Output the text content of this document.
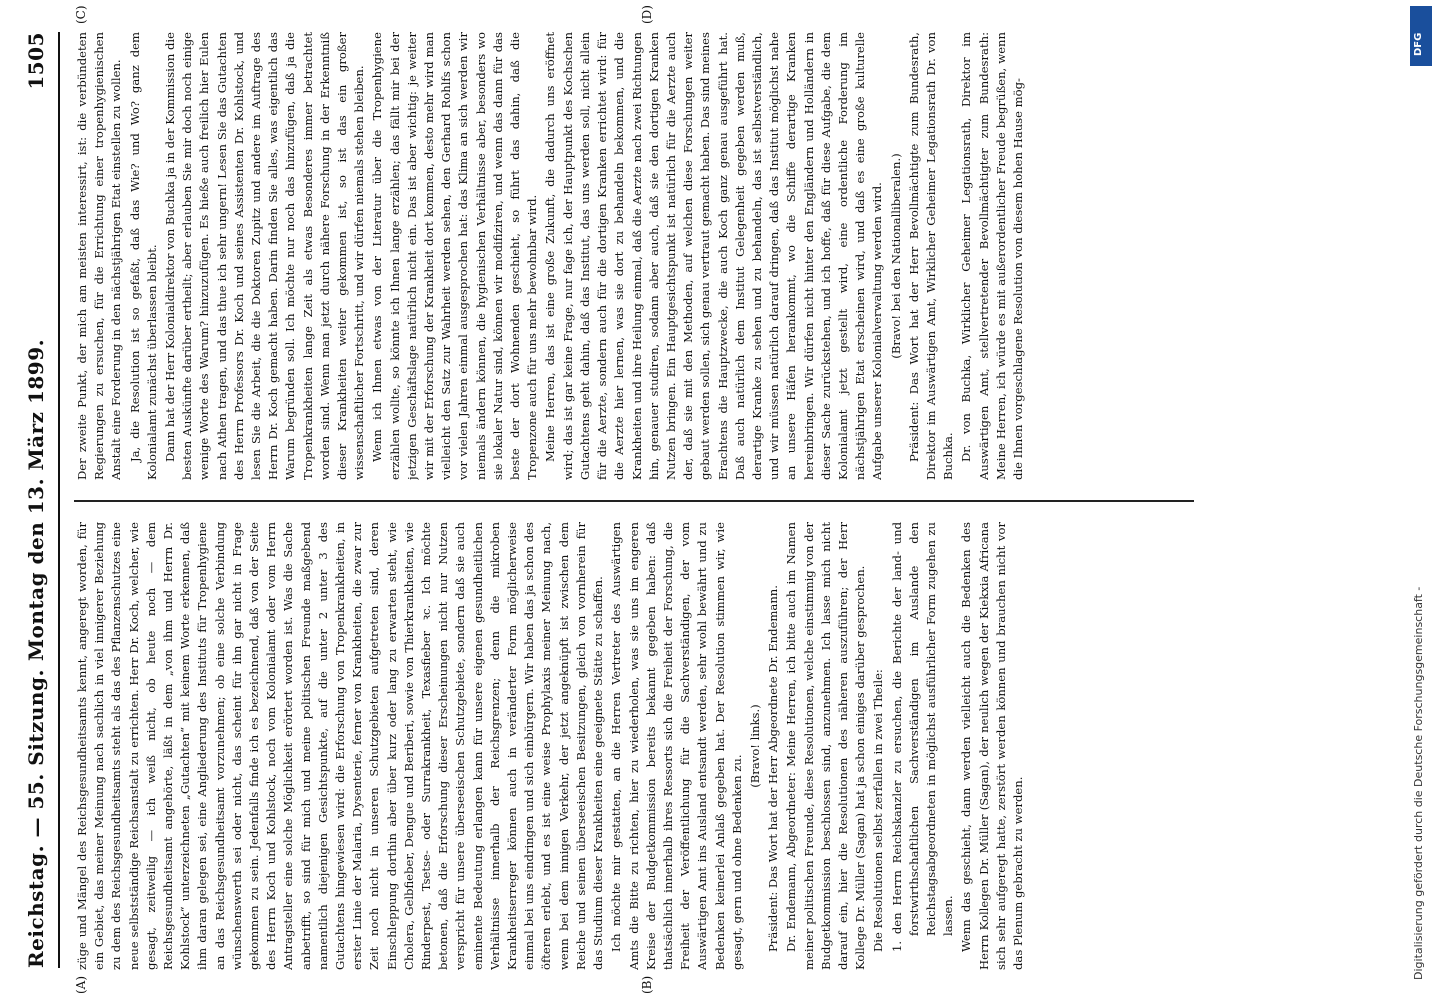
Reichstag. — 55. Sitzung.
Montag den 13. März 1899.
1505
(A)	(B)
(C)	(D)

züge und Mängel des Reichsgesundheitsamts kennt, angeregt worden, für ein Gebiet, das meiner Meinung nach sachlich in viel innigerer Beziehung zu dem des Reichsgesundheitsamts steht als das des Pflanzenschutzes eine neue selbstständige Reichsanstalt zu errichten. Herr Dr. Koch, welcher, wie gesagt, zeitweilig — ich weiß nicht, ob heute noch — dem Reichsgesundheitsamt angehörte, läßt in dem „von ihm und Herrn Dr. Kohlstock“ unterzeichneten „Gutachten“ mit keinem Worte erkennen, daß ihm daran gelegen sei, eine Angliederung des Instituts für Tropenhygiene an das Reichsgesundheitsamt vorzunehmen; ob eine solche Verbindung wünschenswerth sei oder nicht, das scheint für ihn gar nicht in Frage gekommen zu sein. Jedenfalls finde ich es bezeichnend, daß von der Seite des Herrn Koch und Kohlstock, noch vom Kolonialamt oder vom Herrn Antragsteller eine solche Möglichkeit erörtert worden ist. Was die Sache anbetrifft, so sind für mich und meine politischen Freunde maßgebend namentlich diejenigen Gesichtspunkte, auf die unter 2 unter 3 des Gutachtens hingewiesen wird: die Erforschung von Tropenkrankheiten, in erster Linie der Malaria, Dysenterie, ferner von Krankheiten, die zwar zur Zeit noch nicht in unseren Schutzgebieten aufgetreten sind, deren Einschleppung dorthin aber über kurz oder lang zu erwarten steht, wie Cholera, Gelbfieber, Dengue und Beriberi, sowie von Thierkrankheiten, wie Rinderpest, Tsetse- oder Surrakrankheit, Texasfieber ꝛc. Ich möchte betonen, daß die Erforschung dieser Erscheinungen nicht nur Nutzen verspricht für unsere überseeischen Schutzgebiete, sondern daß sie auch eminente Bedeutung erlangen kann für unsere eigenen gesundheitlichen Verhältnisse innerhalb der Reichsgrenzen; denn die mikroben Krankheitserreger können auch in veränderter Form möglicherweise einmal bei uns eindringen und sich einbürgern. Wir haben das ja schon des öfteren erlebt, und es ist eine weise Prophylaxis meiner Meinung nach, wenn bei dem innigen Verkehr, der jetzt angeknüpft ist zwischen dem Reiche und seinen überseeischen Besitzungen, gleich von vornherein für das Studium dieser Krankheiten eine geeignete Stätte zu schaffen. Ich möchte mir gestatten, an die Herren Vertreter des Auswärtigen Amts die Bitte zu richten, hier zu wiederholen, was sie uns im engeren Kreise der Budgetkommission bereits bekannt gegeben haben: daß thatsächlich innerhalb ihres Ressorts sich die Freiheit der Forschung, die Freiheit der Veröffentlichung für die Sachverständigen, der vom Auswärtigen Amt ins Ausland entsandt werden, sehr wohl bewährt und zu Bedenken keinerlei Anlaß gegeben hat. Der Resolution stimmen wir, wie gesagt, gern und ohne Bedenken zu.

(Bravo! links.) Präsident: Das Wort hat der Herr Abgeordnete Dr. Endemann. Dr. Endemann, Abgeordneter: Meine Herren, ich bitte auch im Namen meiner politischen Freunde, diese Resolutionen, welche einstimmig von der Budgetkommission beschlossen sind, anzunehmen. Ich lasse mich nicht darauf ein, hier die Resolutionen des näheren auszuführen; der Herr Kollege Dr. Müller (Sagan) hat ja schon einiges darüber gesprochen. Die Resolutionen selbst zerfallen in zwei Theile: 1. den Herrn Reichskanzler zu ersuchen, die Berichte der land- und forstwirthschaftlichen Sachverständigen im Auslande den Reichstagsabgeordneten in möglichst ausführlicher Form zugehen zu lassen. Wenn das geschieht, dann werden vielleicht auch die Bedenken des Herrn Kollegen Dr. Müller (Sagan), der neulich wegen der Kiekxia Africana sich sehr aufgeregt hatte, zerstört werden können und brauchen nicht vor das Plenum gebracht zu werden.

Der zweite Punkt, der mich am meisten interessirt, ist: die verbündeten Regierungen zu ersuchen, für die Errichtung einer tropenhygienischen Anstalt eine Forderung in den nächstjährigen Etat einstellen zu wollen. Ja, die Resolution ist so gefaßt, daß das Wie? und Wo? ganz dem Kolonialamt zunächst überlassen bleibt. Dann hat der Herr Kolonialdirektor von Buchka ja in der Kommission die besten Auskünfte darüber ertheilt; aber erlauben Sie mir doch noch einige wenige Worte des Warum? hinzuzufügen. Es hieße auch freilich hier Eulen nach Athen tragen, und das thue ich sehr ungern! Lesen Sie das Gutachten des Herrn Professors Dr. Koch und seines Assistenten Dr. Kohlstock, und lesen Sie die Arbeit, die die Doktoren Zupitz und andere im Auftrage des Herrn Dr. Koch gemacht haben. Darin finden Sie alles, was eigentlich das Warum begründen soll. Ich möchte nur noch das hinzufügen, daß ja die Tropenkrankheiten lange Zeit als etwas Besonderes immer betrachtet worden sind. Wenn man jetzt durch nähere Forschung in der Erkenntniß dieser Krankheiten weiter gekommen ist, so ist das ein großer wissenschaftlicher Fortschritt, und wir dürfen niemals stehen bleiben. Wenn ich Ihnen etwas von der Literatur über die Tropenhygiene erzählen wollte, so könnte ich Ihnen lange erzählen; das fällt mir bei der jetzigen Geschäftslage natürlich nicht ein. Das ist aber wichtig: je weiter wir mit der Erforschung der Krankheit dort kommen, desto mehr wird man vielleicht den Satz zur Wahrheit werden sehen, den Gerhard Rohlfs schon vor vielen Jahren einmal ausgesprochen hat: das Klima an sich werden wir niemals ändern können, die hygienischen Verhältnisse aber, besonders wo sie lokaler Natur sind, können wir modifiziren, und wenn das dann für das beste der dort Wohnenden geschieht, so führt das dahin, daß die Tropenzone auch für uns mehr bewohnbar wird. Meine Herren, das ist eine große Zukunft, die dadurch uns eröffnet wird; das ist gar keine Frage, nur fage ich, der Hauptpunkt des Kochschen Gutachtens geht dahin, daß das Institut, das uns werden soll, nicht allein für die Aerzte, sondern auch für die dortigen Kranken errichtet wird: für die Aerzte hier lernen, was sie dort zu behandeln bekommen, und die Krankheiten und ihre Heilung einmal, daß die Aerzte nach zwei Richtungen hin, genauer studiren, sodann aber auch, daß sie den dortigen Kranken Nutzen bringen. Ein Hauptgesichtspunkt ist natürlich für die Aerzte auch der, daß sie mit den Methoden, auf welchen diese Forschungen weiter gebaut werden sollen, sich genau vertraut gemacht haben. Das sind meines Erachtens die Hauptzwecke, die auch Koch ganz genau ausgeführt hat. Daß auch natürlich dem Institut Gelegenheit gegeben werden muß, derartige Kranke zu sehen und zu behandeln, das ist selbstverständlich, und wir müssen natürlich darauf dringen, daß das Institut möglichst nahe an unsere Häfen herankommt, wo die Schiffe derartige Kranken hereinbringen. Wir dürfen nicht hinter den Engländern und Holländern in dieser Sache zurückstehen, und ich hoffe, daß für diese Aufgabe, die dem Kolonialamt jetzt gestellt wird, eine ordentliche Forderung im nächstjährigen Etat erscheinen wird, und daß es eine große kulturelle Aufgabe unserer Kolonialverwaltung werden wird. (Bravo! bei den Nationalliberalen.) Präsident: Das Wort hat der Herr Bevollmächtigte zum Bundesrath, Direktor im Auswärtigen Amt, Wirklicher Geheimer Legationsrath Dr. von Buchka. Dr. von Buchka, Wirklicher Geheimer Legationsrath, Direktor im Auswärtigen Amt, stellvertretender Bevollmächtigter zum Bundesrath: Meine Herren, ich würde es mit außerordentlicher Freude begrüßen, wenn die Ihnen vorgeschlagene Resolution von diesem hohen Hause mög-

DFG
Digitalisierung gefördert durch die Deutsche Forschungsgemeinschaft -
